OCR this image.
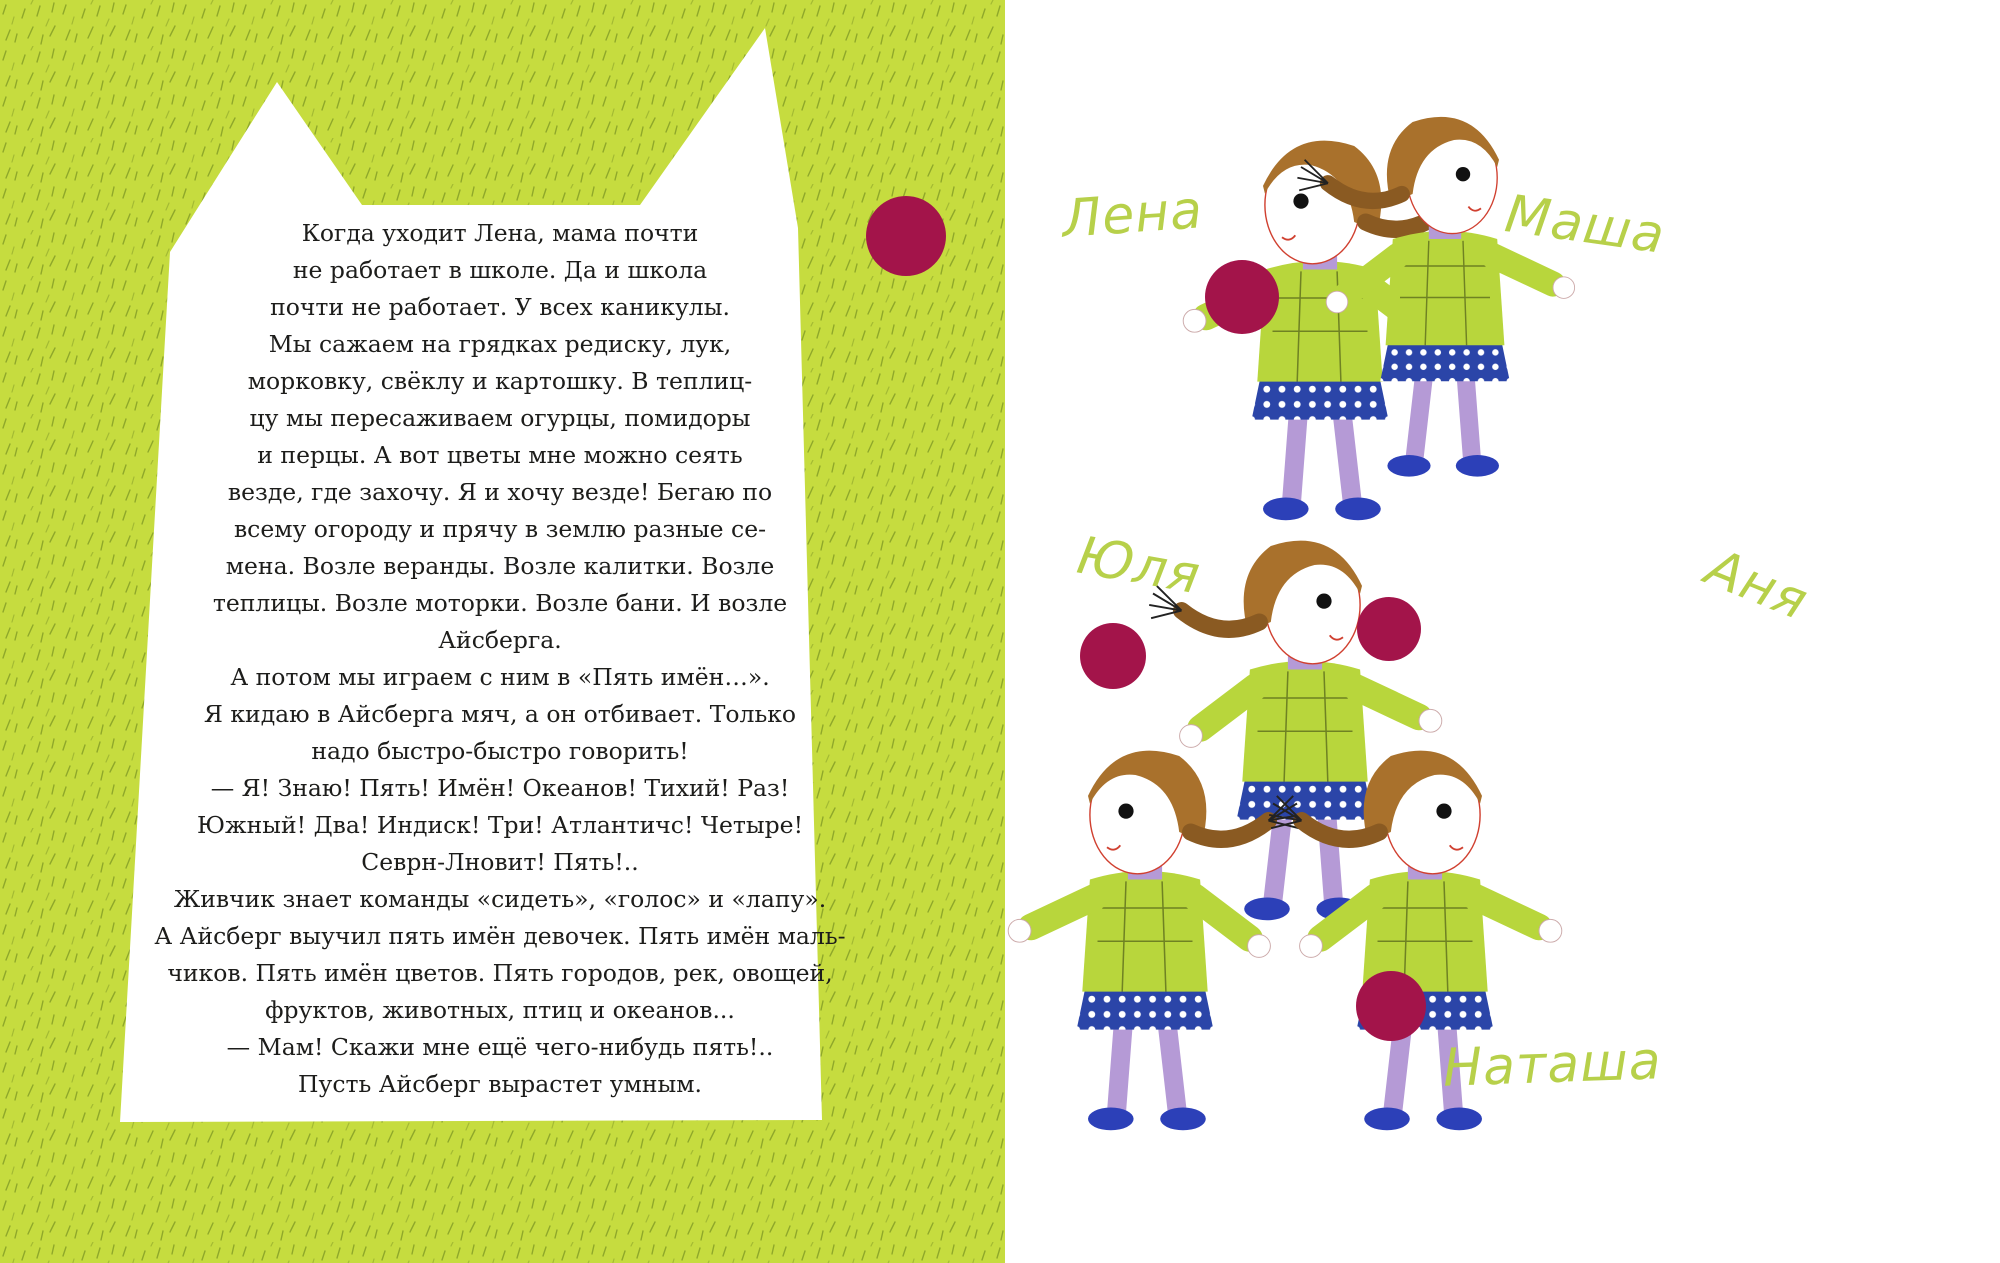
Когда уходит Лена, мама почти
не работает в школе. Да и школа
почти не работает. У всех каникулы.
Мы сажаем на грядках редиску, лук,
морковку, свёклу и картошку. В теплиц-
цу мы пересаживаем огурцы, помидоры
и перцы. А вот цветы мне можно сеять
везде, где захочу. Я и хочу везде! Бегаю по
всему огороду и прячу в землю разные се-
мена. Возле веранды. Возле калитки. Возле
теплицы. Возле моторки. Возле бани. И возле
Айсберга.
А потом мы играем с ним в «Пять имён…».
Я кидаю в Айсберга мяч, а он отбивает. Только
надо быстро-быстро говорить!
— Я! Знаю! Пять! Имён! Океанов! Тихий! Раз!
Южный! Два! Индиск! Три! Атлантичс! Четыре!
Севрн-Лновит! Пять!..
Живчик знает команды «сидеть», «голос» и «лапу».
А Айсберг выучил пять имён девочек. Пять имён маль-
чиков. Пять имён цветов. Пять городов, рек, овощей,
фруктов, животных, птиц и океанов...
— Мам! Скажи мне ещё чего-нибудь пять!..
Пусть Айсберг вырастет умным.
Лена	Маша
Юля	Аня
Наташа
